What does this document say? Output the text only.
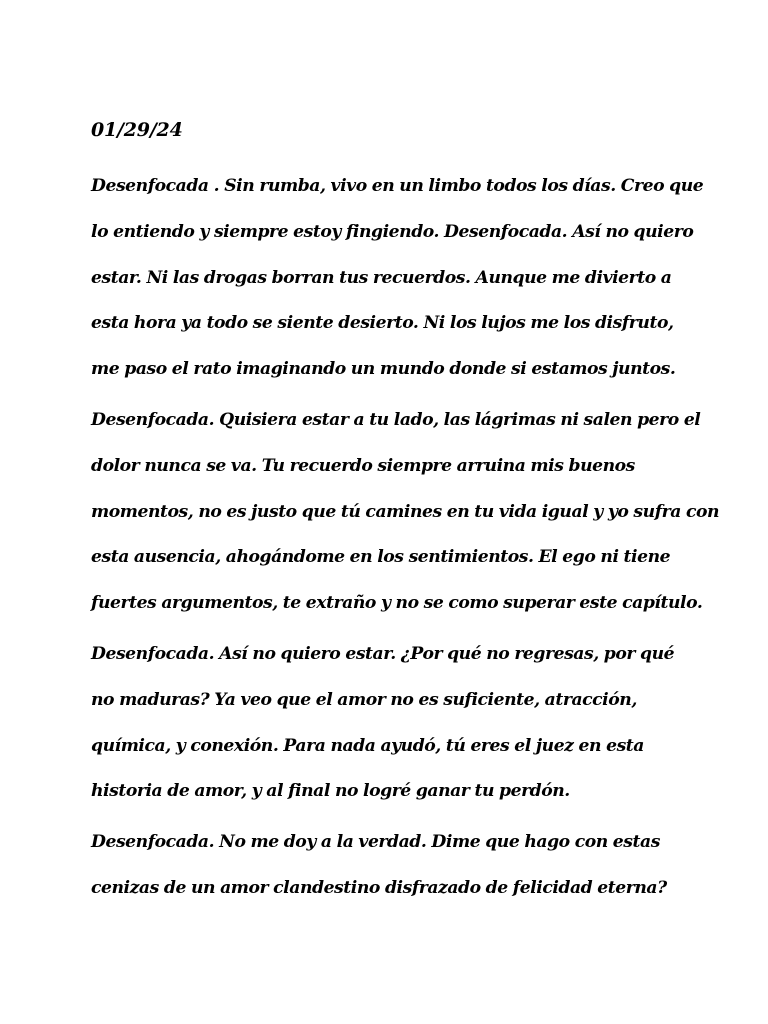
01/29/24
Desenfocada . Sin rumba, vivo en un limbo todos los días. Creo que
lo entiendo y siempre estoy fingiendo. Desenfocada. Así no quiero
estar. Ni las drogas borran tus recuerdos. Aunque me divierto a
esta hora ya todo se siente desierto. Ni los lujos me los disfruto,
me paso el rato imaginando un mundo donde si estamos juntos.
Desenfocada. Quisiera estar a tu lado, las lágrimas ni salen pero el
dolor nunca se va. Tu recuerdo siempre arruina mis buenos
momentos, no es justo que tú camines en tu vida igual y yo sufra con
esta ausencia, ahogándome en los sentimientos. El ego ni tiene
fuertes argumentos, te extraño y no se como superar este capítulo.
Desenfocada. Así no quiero estar. ¿Por qué no regresas, por qué
no maduras? Ya veo que el amor no es suficiente, atracción,
química, y conexión. Para nada ayudó, tú eres el juez en esta
historia de amor, y al final no logré ganar tu perdón.
Desenfocada. No me doy a la verdad. Dime que hago con estas
cenizas de un amor clandestino disfrazado de felicidad eterna?
